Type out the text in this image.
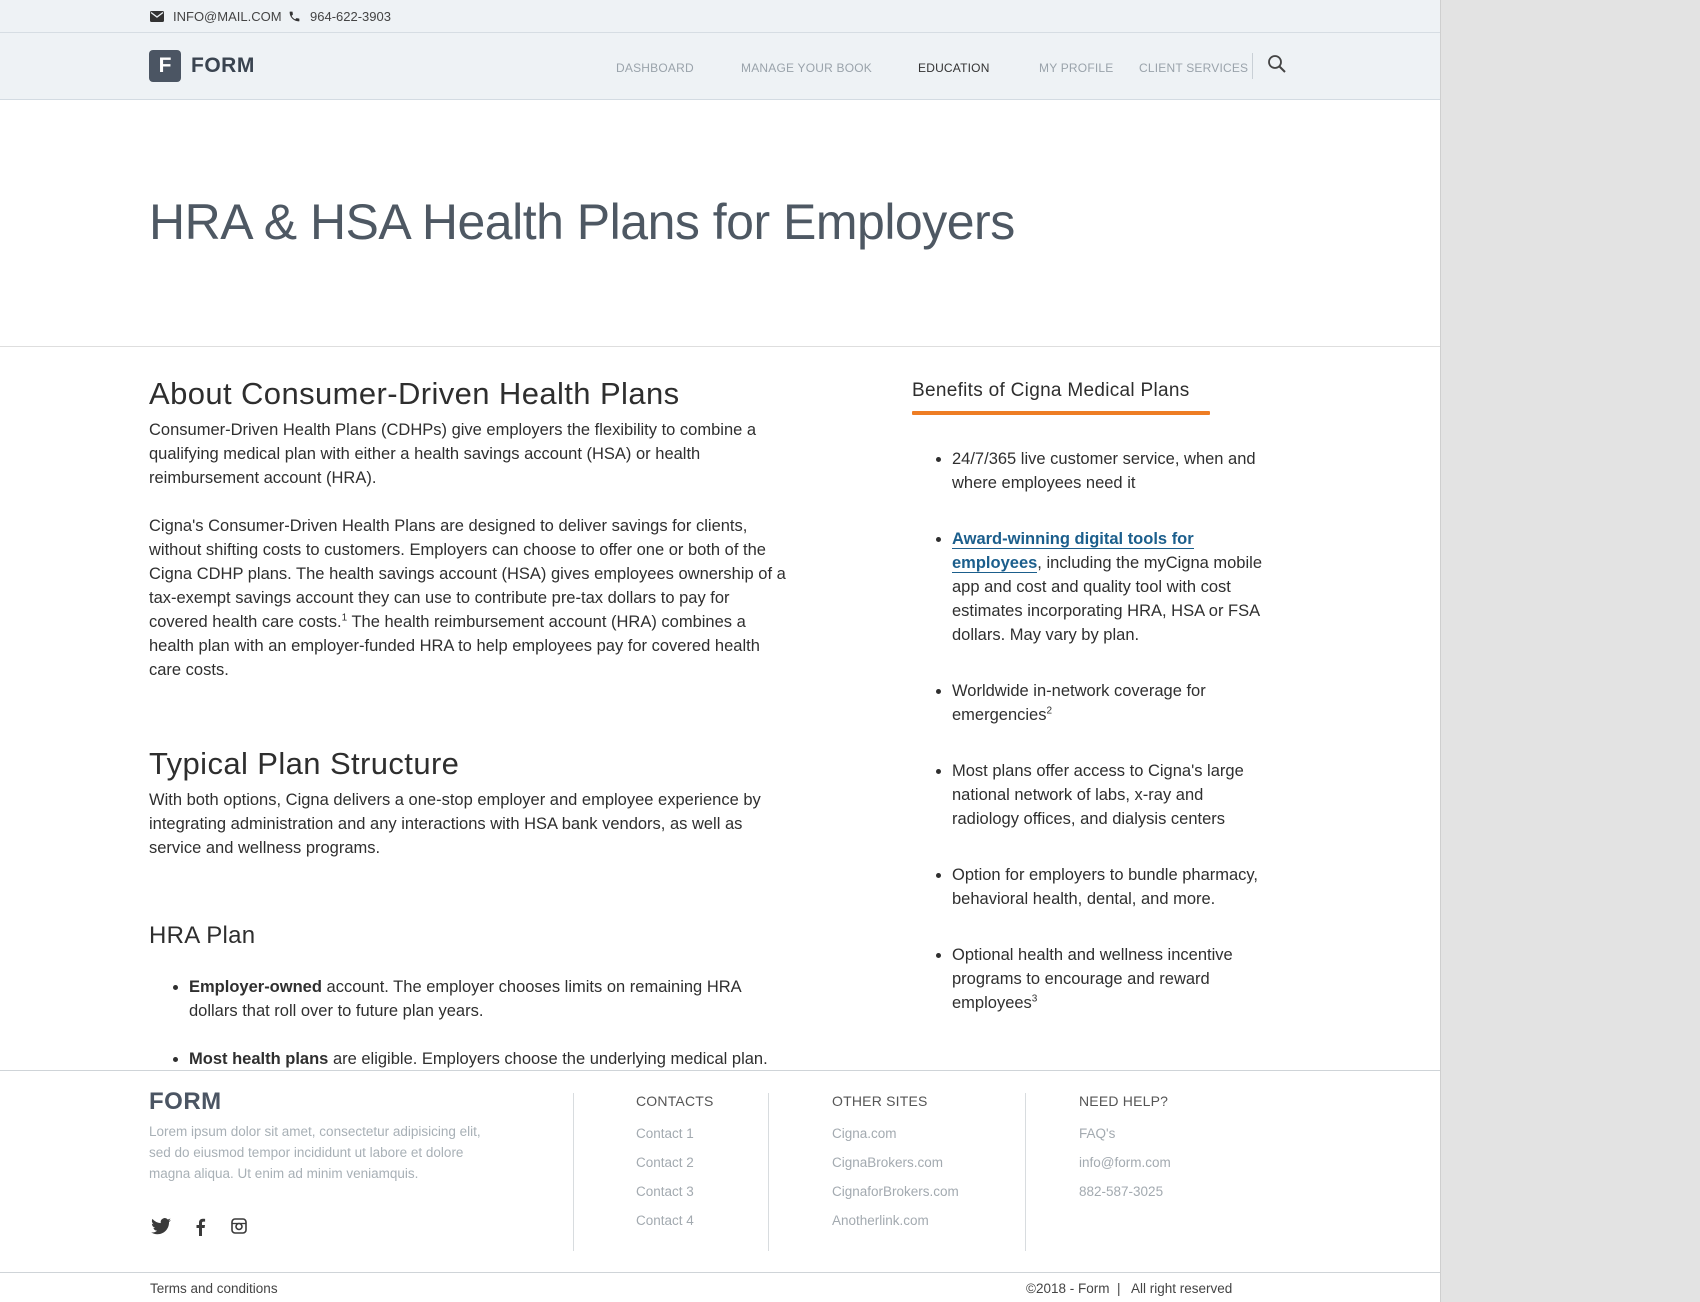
INFO@MAIL.COM 964-622-3903
F FORM	DASHBOARD	MANAGE YOUR BOOK	EDUCATION	MY PROFILE CLIENT SERVICES
HRA & HSA Health Plans for Employers
About Consumer-Driven Health Plans

Consumer-Driven Health Plans (CDHPs) give employers the flexibility to combine a qualifying medical plan with either a health savings account (HSA) or health reimbursement account (HRA).

Cigna's Consumer-Driven Health Plans are designed to deliver savings for clients, without shifting costs to customers. Employers can choose to offer one or both of the Cigna CDHP plans. The health savings account (HSA) gives employees ownership of a tax-exempt savings account they can use to contribute pre-tax dollars to pay for covered health care costs.$^1$ The health reimbursement account (HRA) combines a health plan with an employer-funded HRA to help employees pay for covered health care costs.

Typical Plan Structure

With both options, Cigna delivers a one-stop employer and employee experience by integrating administration and any interactions with HSA bank vendors, as well as service and wellness programs.

HRA Plan
• Employer-owned account. The employer chooses limits on remaining HRA dollars that roll over to future plan years.
• Most health plans are eligible. Employers choose the underlying medical plan.
Benefits of Cigna Medical Plans
• 24/7/365 live customer service, when and where employees need it
• Award-winning digital tools for employees, including the myCigna mobile app and cost and quality tool with cost estimates incorporating HRA, HSA or FSA dollars. May vary by plan.
• Worldwide in-network coverage for emergencies$^2$
• Most plans offer access to Cigna's large national network of labs, x-ray and radiology offices, and dialysis centers
• Option for employers to bundle pharmacy, behavioral health, dental, and more.
• Optional health and wellness incentive programs to encourage and reward employees$^3$
FORM
Lorem ipsum dolor sit amet, consectetur adipisicing elit, sed do eiusmod tempor incididunt ut labore et dolore magna aliqua. Ut enim ad minim veniamquis.
CONTACTS
Contact 1
Contact 2
Contact 3
Contact 4
OTHER SITES
Cigna.com
CignaBrokers.com
CignaforBrokers.com
Anotherlink.com
NEED HELP?
FAQ's
info@form.com
882-587-3025
Terms and conditions	©2018 - Form  |   All right reserved
